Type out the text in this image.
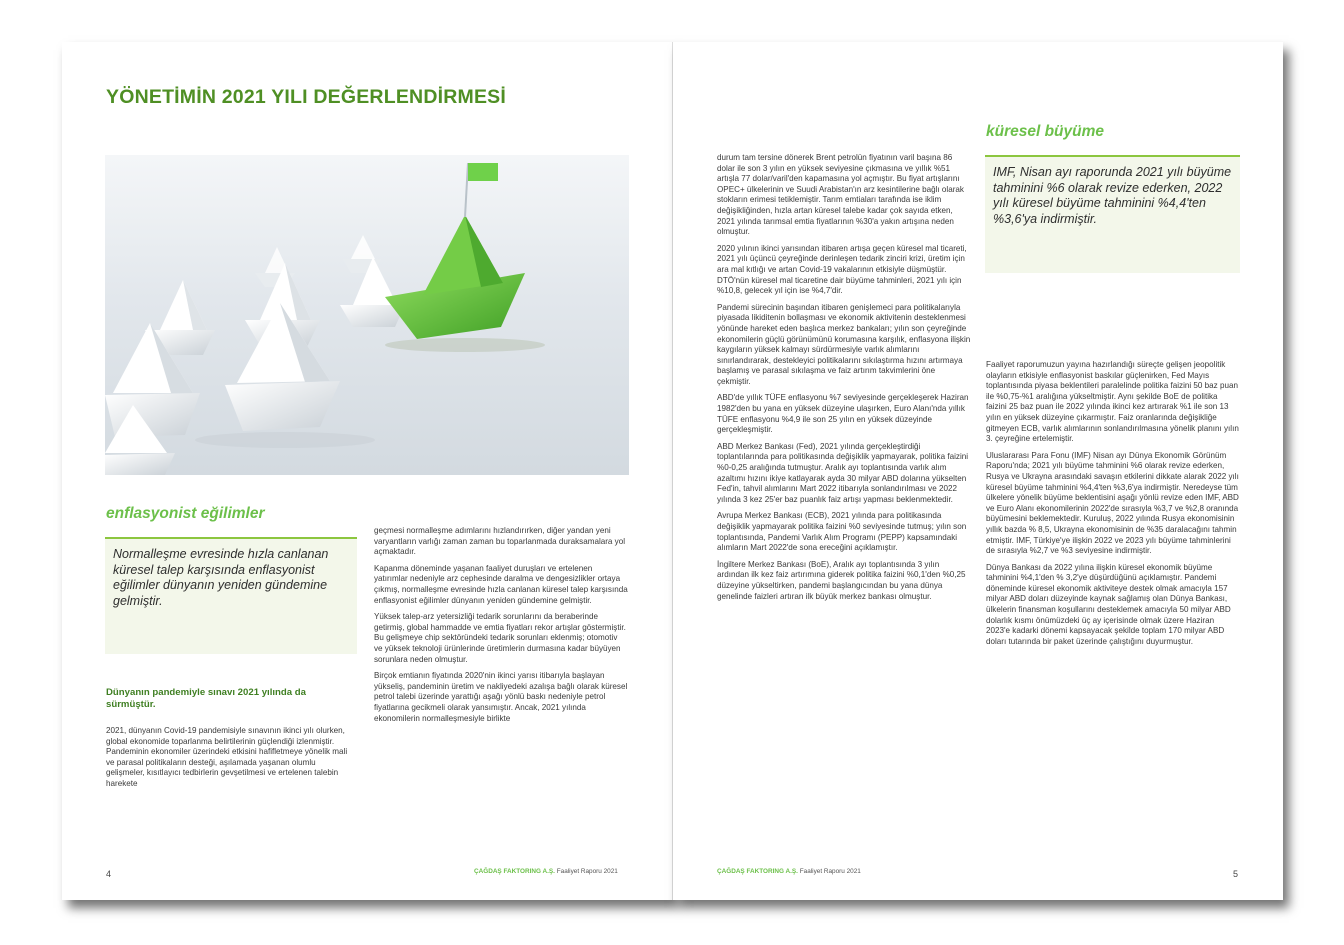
YÖNETİMİN 2021 YILI DEĞERLENDİRMESİ
enflasyonist eğilimler
Normalleşme evresinde hızla canlanan küresel talep karşısında enflasyonist eğilimler dünyanın yeniden gündemine gelmiştir.
Dünyanın pandemiyle sınavı 2021 yılında da sürmüştür.

2021, dünyanın Covid-19 pandemisiyle sınavının ikinci yılı olurken, global ekonomide toparlanma belirtilerinin güçlendiği izlenmiştir. Pandeminin ekonomiler üzerindeki etkisini hafifletmeye yönelik mali ve parasal politikaların desteği, aşılamada yaşanan olumlu gelişmeler, kısıtlayıcı tedbirlerin gevşetilmesi ve ertelenen talebin harekete

geçmesi normalleşme adımlarını hızlandırırken, diğer yandan yeni varyantların varlığı zaman zaman bu toparlanmada duraksamalara yol açmaktadır.

Kapanma döneminde yaşanan faaliyet duruşları ve ertelenen yatırımlar nedeniyle arz cephesinde daralma ve dengesizlikler ortaya çıkmış, normalleşme evresinde hızla canlanan küresel talep karşısında enflasyonist eğilimler dünyanın yeniden gündemine gelmiştir.

Yüksek talep-arz yetersizliği tedarik sorunlarını da beraberinde getirmiş, global hammadde ve emtia fiyatları rekor artışlar göstermiştir. Bu gelişmeye chip sektöründeki tedarik sorunları eklenmiş; otomotiv ve yüksek teknoloji ürünlerinde üretimlerin durmasına kadar büyüyen sorunlara neden olmuştur.

Birçok emtianın fiyatında 2020'nin ikinci yarısı itibarıyla başlayan yükseliş, pandeminin üretim ve nakliyedeki azalışa bağlı olarak küresel petrol talebi üzerinde yarattığı aşağı yönlü baskı nedeniyle petrol fiyatlarına gecikmeli olarak yansımıştır. Ancak, 2021 yılında ekonomilerin normalleşmesiyle birlikte

4	ÇAĞDAŞ FAKTORING A.Ş. Faaliyet Raporu 2021

durum tam tersine dönerek Brent petrolün fiyatının varil başına 86 dolar ile son 3 yılın en yüksek seviyesine çıkmasına ve yıllık %51 artışla 77 dolar/varil'den kapamasına yol açmıştır. Bu fiyat artışlarını OPEC+ ülkelerinin ve Suudi Arabistan'ın arz kesintilerine bağlı olarak stokların erimesi tetiklemiştir. Tarım emtiaları tarafında ise iklim değişikliğinden, hızla artan küresel talebe kadar çok sayıda etken, 2021 yılında tarımsal emtia fiyatlarının %30'a yakın artışına neden olmuştur.

2020 yılının ikinci yarısından itibaren artışa geçen küresel mal ticareti, 2021 yılı üçüncü çeyreğinde derinleşen tedarik zinciri krizi, üretim için ara mal kıtlığı ve artan Covid-19 vakalarının etkisiyle düşmüştür. DTÖ'nün küresel mal ticaretine dair büyüme tahminleri, 2021 yılı için %10,8, gelecek yıl için ise %4,7'dir.

Pandemi sürecinin başından itibaren genişlemeci para politikalarıyla piyasada likiditenin bollaşması ve ekonomik aktivitenin desteklenmesi yönünde hareket eden başlıca merkez bankaları; yılın son çeyreğinde ekonomilerin güçlü görünümünü korumasına karşılık, enflasyona ilişkin kaygıların yüksek kalmayı sürdürmesiyle varlık alımlarını sınırlandırarak, destekleyici politikalarını sıkılaştırma hızını artırmaya başlamış ve parasal sıkılaşma ve faiz artırım takvimlerini öne çekmiştir.

ABD'de yıllık TÜFE enflasyonu %7 seviyesinde gerçekleşerek Haziran 1982'den bu yana en yüksek düzeyine ulaşırken, Euro Alanı'nda yıllık TÜFE enflasyonu %4,9 ile son 25 yılın en yüksek düzeyinde gerçekleşmiştir.

ABD Merkez Bankası (Fed), 2021 yılında gerçekleştirdiği toplantılarında para politikasında değişiklik yapmayarak, politika faizini %0-0,25 aralığında tutmuştur. Aralık ayı toplantısında varlık alım azaltımı hızını ikiye katlayarak ayda 30 milyar ABD dolarına yükselten Fed'in, tahvil alımlarını Mart 2022 itibarıyla sonlandırılması ve 2022 yılında 3 kez 25'er baz puanlık faiz artışı yapması beklenmektedir.

Avrupa Merkez Bankası (ECB), 2021 yılında para politikasında değişiklik yapmayarak politika faizini %0 seviyesinde tutmuş; yılın son toplantısında, Pandemi Varlık Alım Programı (PEPP) kapsamındaki alımların Mart 2022'de sona ereceğini açıklamıştır.

İngiltere Merkez Bankası (BoE), Aralık ayı toplantısında 3 yılın ardından ilk kez faiz artırımına giderek politika faizini %0,1'den %0,25 düzeyine yükseltirken, pandemi başlangıcından bu yana dünya genelinde faizleri artıran ilk büyük merkez bankası olmuştur.

küresel büyüme
IMF, Nisan ayı raporunda 2021 yılı büyüme tahminini %6 olarak revize ederken, 2022 yılı küresel büyüme tahminini %4,4'ten %3,6'ya indirmiştir.

Faaliyet raporumuzun yayına hazırlandığı süreçte gelişen jeopolitik olayların etkisiyle enflasyonist baskılar güçlenirken, Fed Mayıs toplantısında piyasa beklentileri paralelinde politika faizini 50 baz puan ile %0,75-%1 aralığına yükseltmiştir. Aynı şekilde BoE de politika faizini 25 baz puan ile 2022 yılında ikinci kez artırarak %1 ile son 13 yılın en yüksek düzeyine çıkarmıştır. Faiz oranlarında değişikliğe gitmeyen ECB, varlık alımlarının sonlandırılmasına yönelik planını yılın 3. çeyreğine ertelemiştir.

Uluslararası Para Fonu (IMF) Nisan ayı Dünya Ekonomik Görünüm Raporu'nda; 2021 yılı büyüme tahminini %6 olarak revize ederken, Rusya ve Ukrayna arasındaki savaşın etkilerini dikkate alarak 2022 yılı küresel büyüme tahminini %4,4'ten %3,6'ya indirmiştir. Neredeyse tüm ülkelere yönelik büyüme beklentisini aşağı yönlü revize eden IMF, ABD ve Euro Alanı ekonomilerinin 2022'de sırasıyla %3,7 ve %2,8 oranında büyümesini beklemektedir. Kuruluş, 2022 yılında Rusya ekonomisinin yıllık bazda % 8,5, Ukrayna ekonomisinin de %35 daralacağını tahmin etmiştir. IMF, Türkiye'ye ilişkin 2022 ve 2023 yılı büyüme tahminlerini de sırasıyla %2,7 ve %3 seviyesine indirmiştir.

Dünya Bankası da 2022 yılına ilişkin küresel ekonomik büyüme tahminini %4,1'den % 3,2'ye düşürdüğünü açıklamıştır. Pandemi döneminde küresel ekonomik aktiviteye destek olmak amacıyla 157 milyar ABD doları düzeyinde kaynak sağlamış olan Dünya Bankası, ülkelerin finansman koşullarını desteklemek amacıyla 50 milyar ABD dolarlık kısmı önümüzdeki üç ay içerisinde olmak üzere Haziran 2023'e kadarki dönemi kapsayacak şekilde toplam 170 milyar ABD doları tutarında bir paket üzerinde çalıştığını duyurmuştur.

ÇAĞDAŞ FAKTORING A.Ş. Faaliyet Raporu 2021	5
